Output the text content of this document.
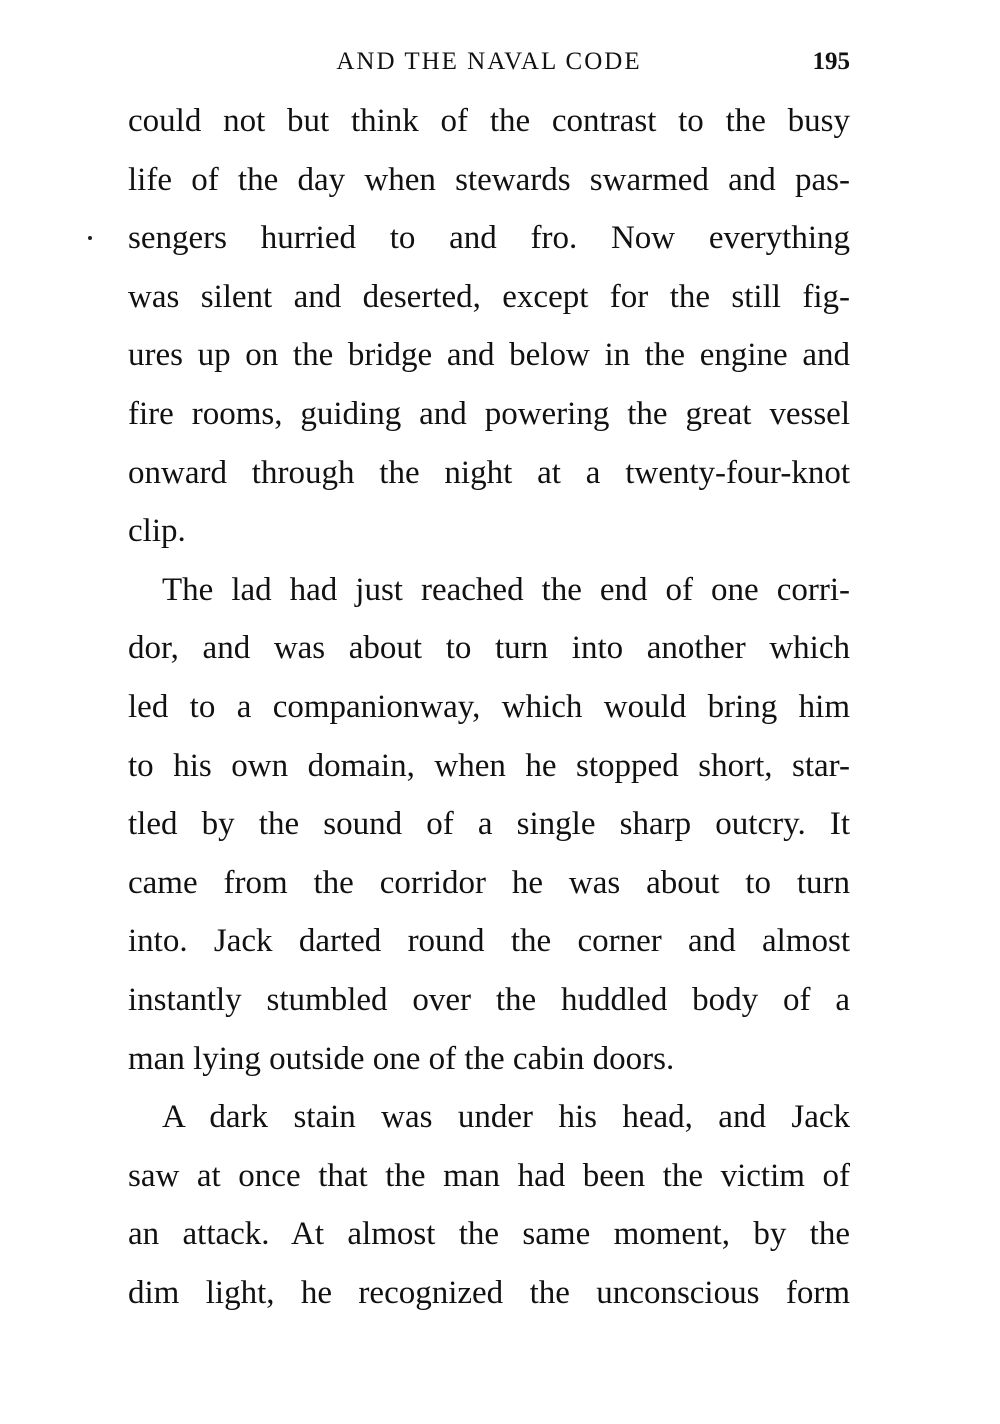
AND THE NAVAL CODE	195
could not but think of the contrast to the busy
life of the day when stewards swarmed and pas-
sengers hurried to and fro. Now everything
was silent and deserted, except for the still fig-
ures up on the bridge and below in the engine and
fire rooms, guiding and powering the great vessel
onward through the night at a twenty-four-knot
clip.
The lad had just reached the end of one corri-
dor, and was about to turn into another which
led to a companionway, which would bring him
to his own domain, when he stopped short, star-
tled by the sound of a single sharp outcry. It
came from the corridor he was about to turn
into. Jack darted round the corner and almost
instantly stumbled over the huddled body of a
man lying outside one of the cabin doors.
A dark stain was under his head, and Jack
saw at once that the man had been the victim of
an attack. At almost the same moment, by the
dim light, he recognized the unconscious form
